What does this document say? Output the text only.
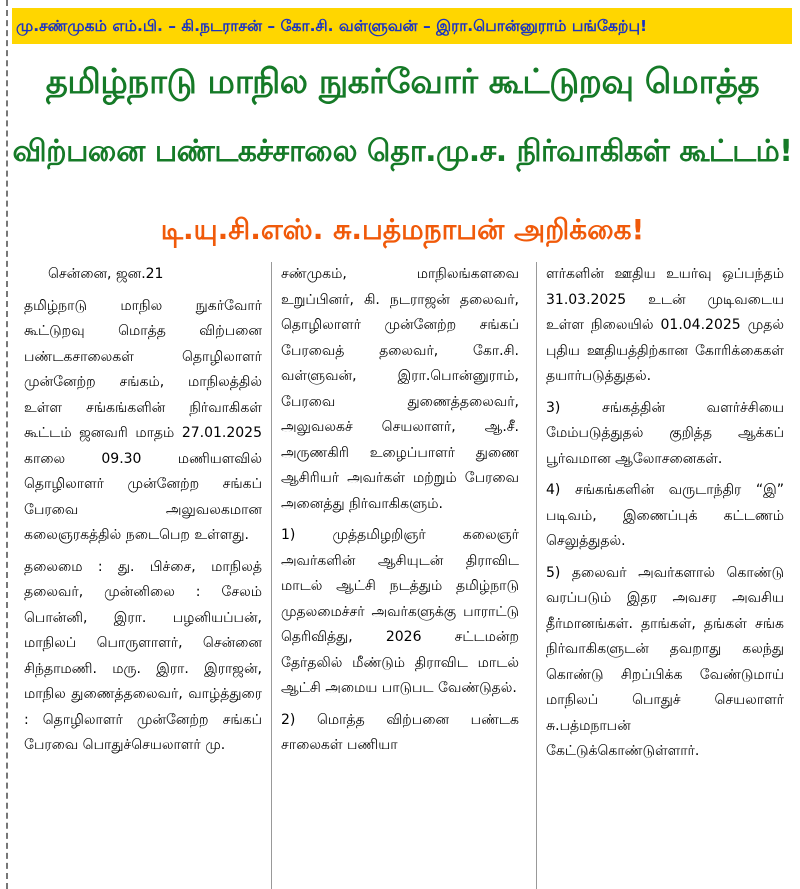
மு.சண்முகம் எம்.பி. – கி.நடராசன் – கோ.சி. வள்ளுவன் – இரா.பொன்னுராம் பங்கேற்பு!
தமிழ்நாடு மாநில நுகர்வோர் கூட்டுறவு மொத்த
விற்பனை பண்டகச்சாலை தொ.மு.ச. நிர்வாகிகள் கூட்டம்!
டி.யு.சி.எஸ். சு.பத்மநாபன் அறிக்கை!

சென்னை, ஜன.21

தமிழ்நாடு மாநில நுகர்வோர் கூட்டுறவு மொத்த விற்பனை பண்டகசாலைகள் தொழிலாளர் முன்னேற்ற சங்கம், மாநிலத்தில் உள்ள சங்கங்களின் நிர்வாகிகள் கூட்டம் ஜனவரி மாதம் 27.01.2025 காலை 09.30 மணியளவில் தொழிலாளர் முன்னேற்ற சங்கப் பேரவை அலுவலகமான கலைஞரகத்தில் நடைபெற உள்ளது.

தலைமை : து. பிச்சை, மாநிலத் தலைவர், முன்னிலை : சேலம் பொன்னி, இரா. பழனியப்பன், மாநிலப் பொருளாளர், சென்னை சிந்தாமணி. மரு. இரா. இராஜன், மாநில துணைத்தலைவர், வாழ்த்துரை : தொழிலாளர் முன்னேற்ற சங்கப் பேரவை பொதுச்செயலாளர் மு.

சண்முகம், மாநிலங்களவை உறுப்பினர், கி. நடராஜன் தலைவர், தொழிலாளர் முன்னேற்ற சங்கப் பேரவைத் தலைவர், கோ.சி. வள்ளுவன், இரா.பொன்னுராம், பேரவை துணைத்தலைவர், அலுவலகச் செயலாளர், ஆ.சீ. அருணகிரி உழைப்பாளர் துணை ஆசிரியர் அவர்கள் மற்றும் பேரவை அனைத்து நிர்வாகிகளும்.

1) முத்தமிழறிஞர் கலைஞர் அவர்களின் ஆசியுடன் திராவிட மாடல் ஆட்சி நடத்தும் தமிழ்நாடு முதலமைச்சர் அவர்களுக்கு பாராட்டு தெரிவித்து, 2026 சட்டமன்ற தேர்தலில் மீண்டும் திராவிட மாடல் ஆட்சி அமைய பாடுபட வேண்டுதல்.

2) மொத்த விற்பனை பண்டக சாலைகள் பணியா

ளர்களின் ஊதிய உயர்வு ஒப்பந்தம் 31.03.2025 உடன் முடிவடைய உள்ள நிலையில் 01.04.2025 முதல் புதிய ஊதியத்திற்கான கோரிக்கைகள் தயார்படுத்துதல்.

3) சங்கத்தின் வளர்ச்சியை மேம்படுத்துதல் குறித்த ஆக்கப் பூர்வமான ஆலோசனைகள்.

4) சங்கங்களின் வருடாந்திர “இ” படிவம், இணைப்புக் கட்டணம் செலுத்துதல்.

5) தலைவர் அவர்களால் கொண்டு வரப்படும் இதர அவசர அவசிய தீர்மானங்கள். தாங்கள், தங்கள் சங்க நிர்வாகிகளுடன் தவறாது கலந்து கொண்டு சிறப்பிக்க வேண்டுமாய் மாநிலப் பொதுச் செயலாளர் சு.பத்மநாபன் கேட்டுக்கொண்டுள்ளார்.
